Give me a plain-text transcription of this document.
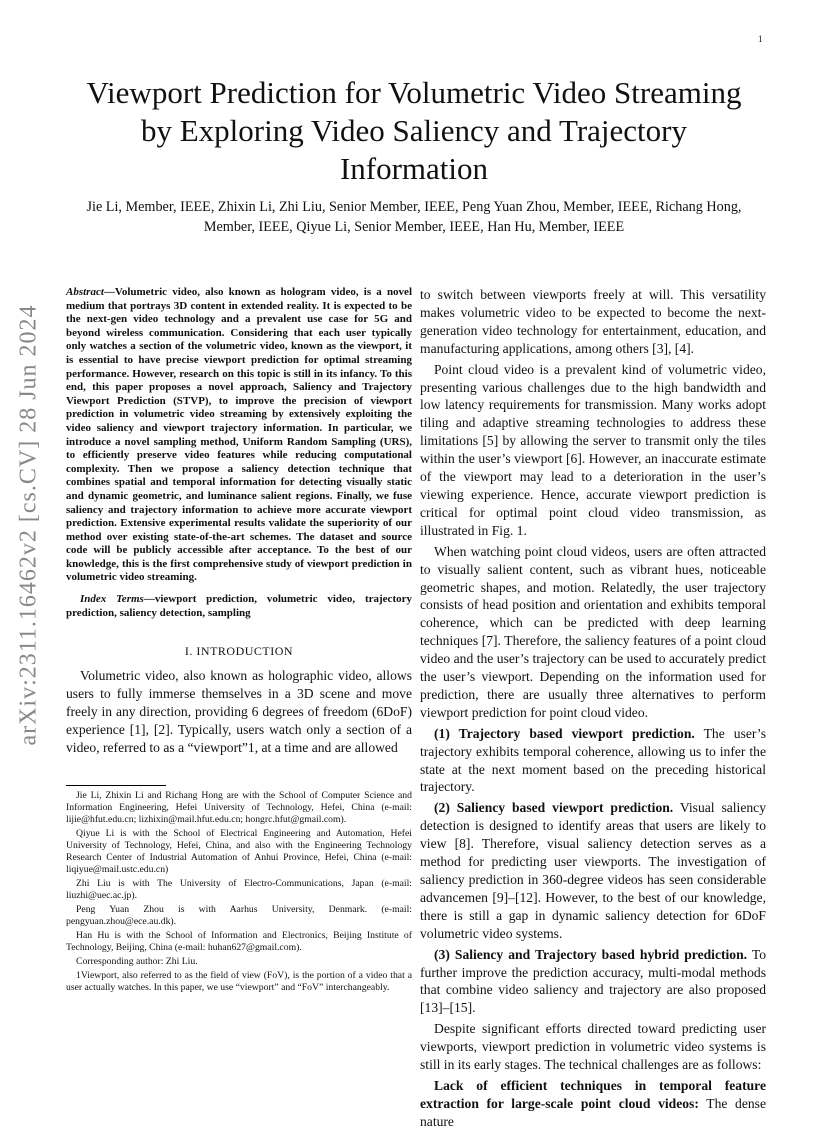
1
arXiv:2311.16462v2 [cs.CV] 28 Jun 2024
Viewport Prediction for Volumetric Video Streaming by Exploring Video Saliency and Trajectory Information
Jie Li, Member, IEEE, Zhixin Li, Zhi Liu, Senior Member, IEEE, Peng Yuan Zhou, Member, IEEE, Richang Hong, Member, IEEE, Qiyue Li, Senior Member, IEEE, Han Hu, Member, IEEE
Abstract—Volumetric video, also known as hologram video, is a novel medium that portrays 3D content in extended reality. It is expected to be the next-gen video technology and a prevalent use case for 5G and beyond wireless communication. Considering that each user typically only watches a section of the volumetric video, known as the viewport, it is essential to have precise viewport prediction for optimal streaming performance. However, research on this topic is still in its infancy. To this end, this paper proposes a novel approach, Saliency and Trajectory Viewport Prediction (STVP), to improve the precision of viewport prediction in volumetric video streaming by extensively exploiting the video saliency and viewport trajectory information. In particular, we introduce a novel sampling method, Uniform Random Sampling (URS), to efficiently preserve video features while reducing computational complexity. Then we propose a saliency detection technique that combines spatial and temporal information for detecting visually static and dynamic geometric, and luminance salient regions. Finally, we fuse saliency and trajectory information to achieve more accurate viewport prediction. Extensive experimental results validate the superiority of our method over existing state-of-the-art schemes. The dataset and source code will be publicly accessible after acceptance. To the best of our knowledge, this is the first comprehensive study of viewport prediction in volumetric video streaming.
Index Terms—viewport prediction, volumetric video, trajectory prediction, saliency detection, sampling
I. INTRODUCTION

Volumetric video, also known as holographic video, allows users to fully immerse themselves in a 3D scene and move freely in any direction, providing 6 degrees of freedom (6DoF) experience [1], [2]. Typically, users watch only a section of a video, referred to as a “viewport”1, at a time and are allowed

Jie Li, Zhixin Li and Richang Hong are with the School of Computer Science and Information Engineering, Hefei University of Technology, Hefei, China (e-mail: lijie@hfut.edu.cn; lizhixin@mail.hfut.edu.cn; hongrc.hfut@gmail.com).

Qiyue Li is with the School of Electrical Engineering and Automation, Hefei University of Technology, Hefei, China, and also with the Engineering Technology Research Center of Industrial Automation of Anhui Province, Hefei, China (e-mail: liqiyue@mail.ustc.edu.cn)

Zhi Liu is with The University of Electro-Communications, Japan (e-mail: liuzhi@uec.ac.jp).

Peng Yuan Zhou is with Aarhus University, Denmark. (e-mail: pengyuan.zhou@ece.au.dk).

Han Hu is with the School of Information and Electronics, Beijing Institute of Technology, Beijing, China (e-mail: huhan627@gmail.com).

Corresponding author: Zhi Liu.

1Viewport, also referred to as the field of view (FoV), is the portion of a video that a user actually watches. In this paper, we use “viewport” and “FoV” interchangeably.

to switch between viewports freely at will. This versatility makes volumetric video to be expected to become the next-generation video technology for entertainment, education, and manufacturing applications, among others [3], [4].

Point cloud video is a prevalent kind of volumetric video, presenting various challenges due to the high bandwidth and low latency requirements for transmission. Many works adopt tiling and adaptive streaming technologies to address these limitations [5] by allowing the server to transmit only the tiles within the user’s viewport [6]. However, an inaccurate estimate of the viewport may lead to a deterioration in the user’s viewing experience. Hence, accurate viewport prediction is critical for optimal point cloud video transmission, as illustrated in Fig. 1.

When watching point cloud videos, users are often attracted to visually salient content, such as vibrant hues, noticeable geometric shapes, and motion. Relatedly, the user trajectory consists of head position and orientation and exhibits temporal coherence, which can be predicted with deep learning techniques [7]. Therefore, the saliency features of a point cloud video and the user’s trajectory can be used to accurately predict the user’s viewport. Depending on the information used for prediction, there are usually three alternatives to perform viewport prediction for point cloud video.

(1) Trajectory based viewport prediction. The user’s trajectory exhibits temporal coherence, allowing us to infer the state at the next moment based on the preceding historical trajectory.

(2) Saliency based viewport prediction. Visual saliency detection is designed to identify areas that users are likely to view [8]. Therefore, visual saliency detection serves as a method for predicting user viewports. The investigation of saliency prediction in 360-degree videos has seen considerable advancemen [9]–[12]. However, to the best of our knowledge, there is still a gap in dynamic saliency detection for 6DoF volumetric video systems.

(3) Saliency and Trajectory based hybrid prediction. To further improve the prediction accuracy, multi-modal methods that combine video saliency and trajectory are also proposed [13]–[15].

Despite significant efforts directed toward predicting user viewports, viewport prediction in volumetric video systems is still in its early stages. The technical challenges are as follows:

Lack of efficient techniques in temporal feature extraction for large-scale point cloud videos: The dense nature
